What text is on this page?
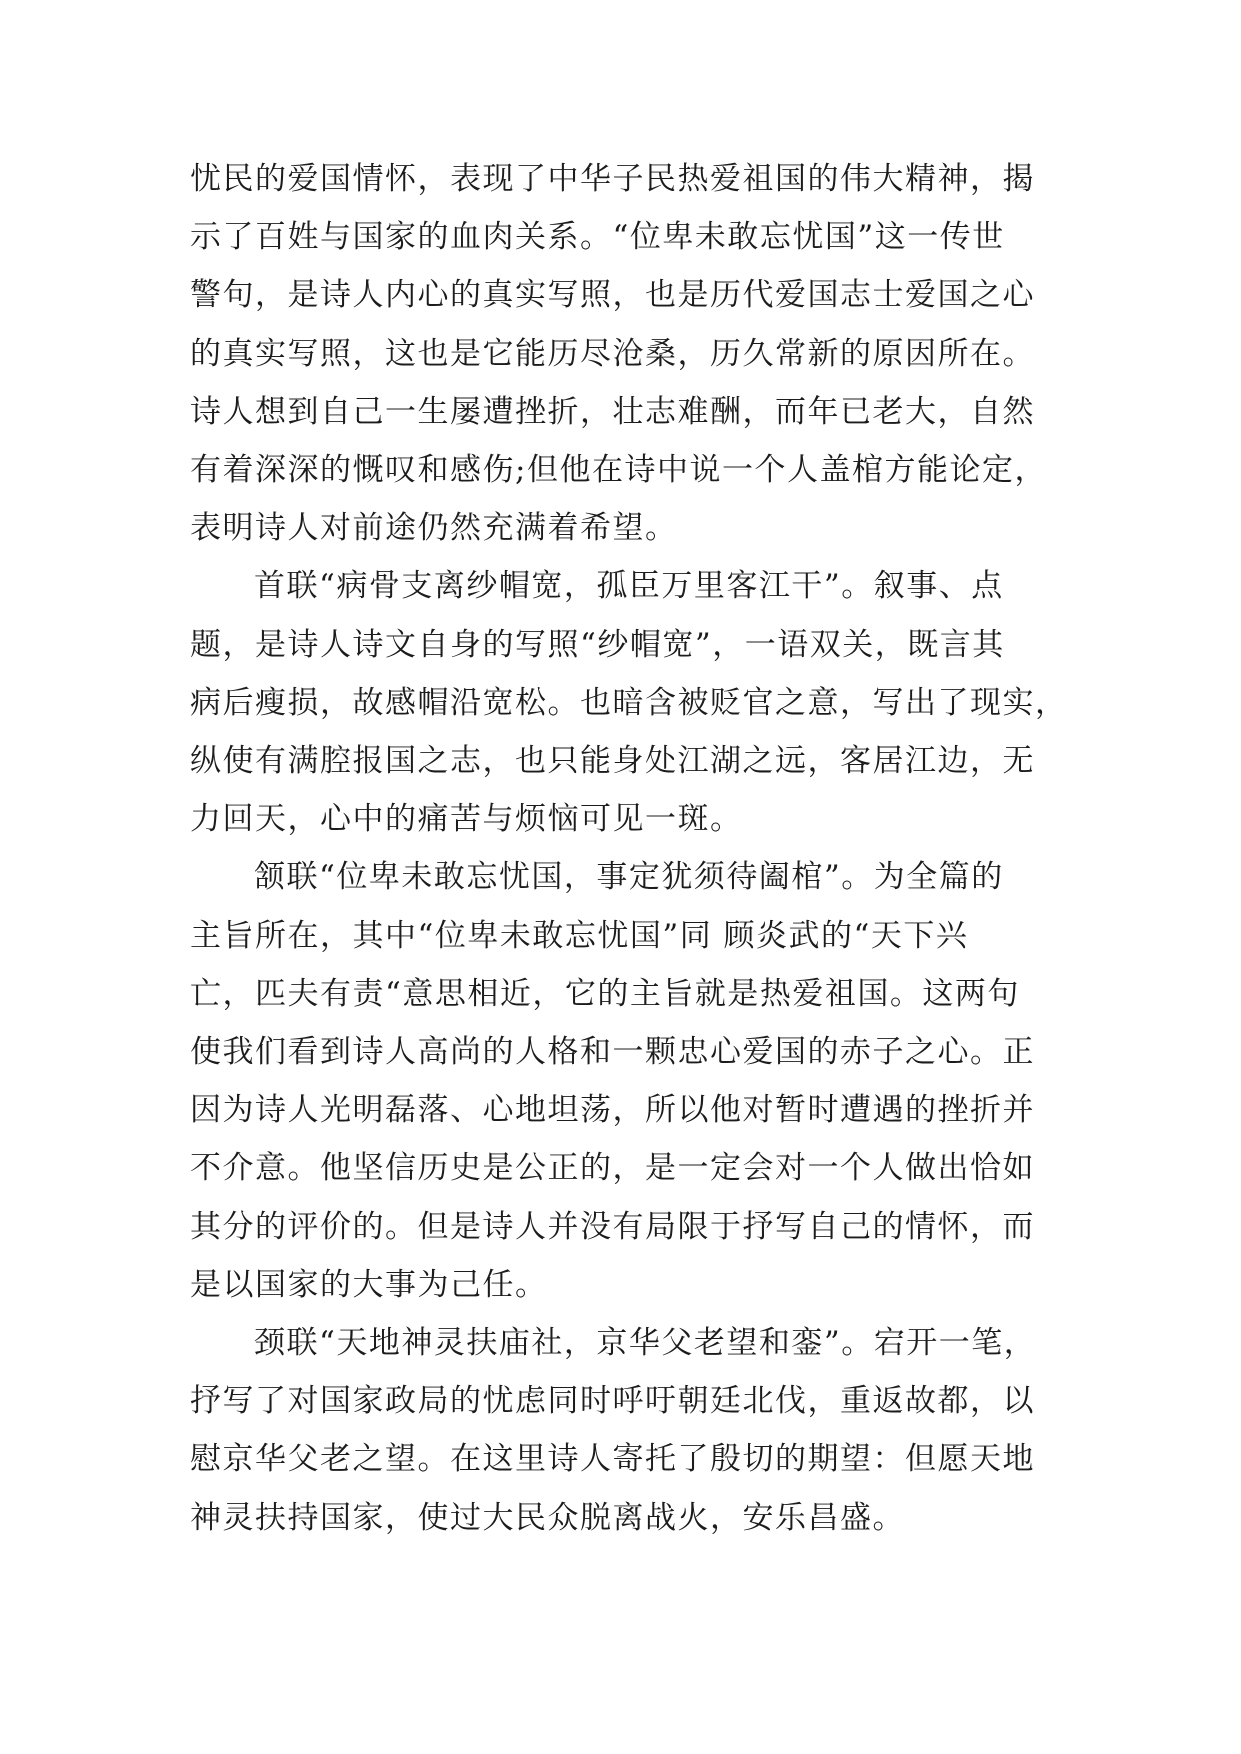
忧民的爱国情怀，表现了中华子民热爱祖国的伟大精神，揭
示了百姓与国家的血肉关系。“位卑未敢忘忧国”这一传世
警句，是诗人内心的真实写照，也是历代爱国志士爱国之心
的真实写照，这也是它能历尽沧桑，历久常新的原因所在。
诗人想到自己一生屡遭挫折，壮志难酬，而年已老大，自然
有着深深的慨叹和感伤;但他在诗中说一个人盖棺方能论定，
表明诗人对前途仍然充满着希望。
首联“病骨支离纱帽宽，孤臣万里客江干”。叙事、点
题，是诗人诗文自身的写照“纱帽宽”，一语双关，既言其
病后瘦损，故感帽沿宽松。也暗含被贬官之意，写出了现实，
纵使有满腔报国之志，也只能身处江湖之远，客居江边，无
力回天，心中的痛苦与烦恼可见一斑。
颔联“位卑未敢忘忧国，事定犹须待阖棺”。为全篇的
主旨所在，其中“位卑未敢忘忧国”同 顾炎武的“天下兴
亡，匹夫有责“意思相近，它的主旨就是热爱祖国。这两句
使我们看到诗人高尚的人格和一颗忠心爱国的赤子之心。正
因为诗人光明磊落、心地坦荡，所以他对暂时遭遇的挫折并
不介意。他坚信历史是公正的，是一定会对一个人做出恰如
其分的评价的。但是诗人并没有局限于抒写自己的情怀，而
是以国家的大事为己任。
颈联“天地神灵扶庙社，京华父老望和銮”。宕开一笔，
抒写了对国家政局的忧虑同时呼吁朝廷北伐，重返故都，以
慰京华父老之望。在这里诗人寄托了殷切的期望：但愿天地
神灵扶持国家，使过大民众脱离战火，安乐昌盛。
